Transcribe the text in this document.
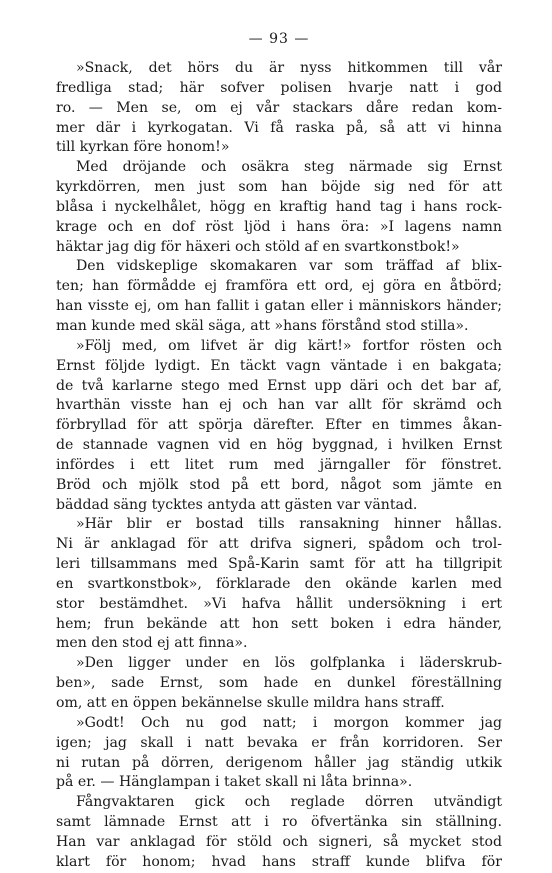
— 93 —
»Snack, det hörs du är nyss hitkommen till vår
fredliga stad; här sofver polisen hvarje natt i god
ro. — Men se, om ej vår stackars dåre redan kom-
mer där i kyrkogatan. Vi få raska på, så att vi hinna
till kyrkan före honom!»
Med dröjande och osäkra steg närmade sig Ernst
kyrkdörren, men just som han böjde sig ned för att
blåsa i nyckelhålet, högg en kraftig hand tag i hans rock-
krage och en dof röst ljöd i hans öra: »I lagens namn
häktar jag dig för häxeri och stöld af en svartkonstbok!»
Den vidskeplige skomakaren var som träffad af blix-
ten; han förmådde ej framföra ett ord, ej göra en åtbörd;
han visste ej, om han fallit i gatan eller i människors händer;
man kunde med skäl säga, att »hans förstånd stod stilla».
»Följ med, om lifvet är dig kärt!» fortfor rösten och
Ernst följde lydigt. En täckt vagn väntade i en bakgata;
de två karlarne stego med Ernst upp däri och det bar af,
hvarthän visste han ej och han var allt för skrämd och
förbryllad för att spörja därefter. Efter en timmes åkan-
de stannade vagnen vid en hög byggnad, i hvilken Ernst
infördes i ett litet rum med järngaller för fönstret.
Bröd och mjölk stod på ett bord, något som jämte en
bäddad säng tycktes antyda att gästen var väntad.
»Här blir er bostad tills ransakning hinner hållas.
Ni är anklagad för att drifva signeri, spådom och trol-
leri tillsammans med Spå-Karin samt för att ha tillgripit
en svartkonstbok», förklarade den okände karlen med
stor bestämdhet. »Vi hafva hållit undersökning i ert
hem; frun bekände att hon sett boken i edra händer,
men den stod ej att finna».
»Den ligger under en lös golfplanka i läderskrub-
ben», sade Ernst, som hade en dunkel föreställning
om, att en öppen bekännelse skulle mildra hans straff.
»Godt! Och nu god natt; i morgon kommer jag
igen; jag skall i natt bevaka er från korridoren. Ser
ni rutan på dörren, derigenom håller jag ständig utkik
på er. — Hänglampan i taket skall ni låta brinna».
Fångvaktaren gick och reglade dörren utvändigt
samt lämnade Ernst att i ro öfvertänka sin ställning.
Han var anklagad för stöld och signeri, så mycket stod
klart för honom; hvad hans straff kunde blifva för
